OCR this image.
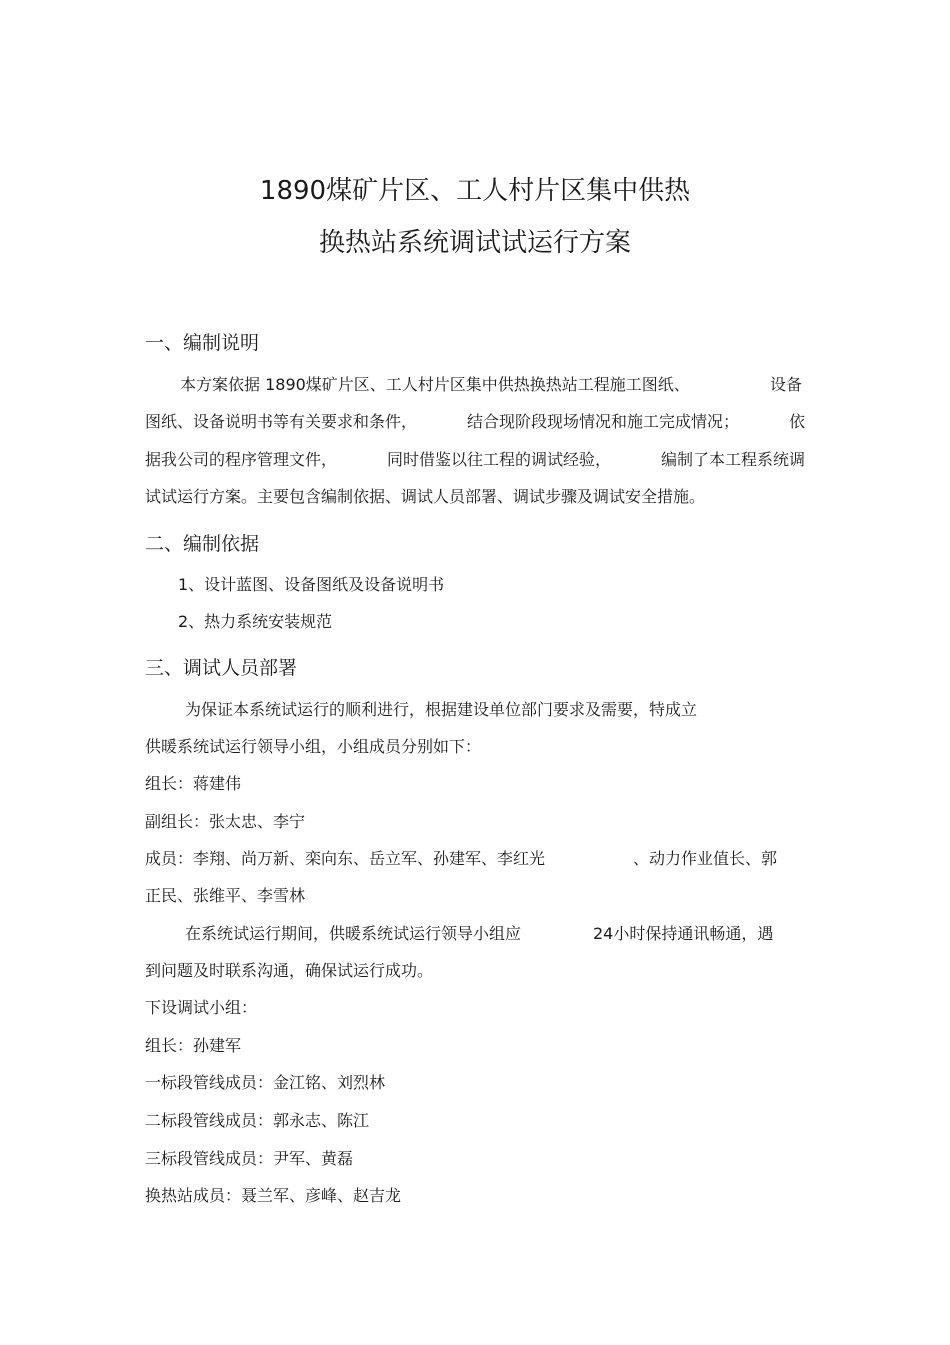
1890煤矿片区、工人村片区集中供热
换热站系统调试试运行方案
一、编制说明
本方案依据 1890煤矿片区、工人村片区集中供热换热站工程施工图纸、	设备
图纸、设备说明书等有关要求和条件，	结合现阶段现场情况和施工完成情况；	依
据我公司的程序管理文件，	同时借鉴以往工程的调试经验，	编制了本工程系统调
试试运行方案。主要包含编制依据、调试人员部署、调试步骤及调试安全措施。
二、编制依据
1、设计蓝图、设备图纸及设备说明书
2、热力系统安装规范
三、调试人员部署
为保证本系统试运行的顺利进行，根据建设单位部门要求及需要，特成立
供暖系统试运行领导小组，小组成员分别如下：
组长：蒋建伟
副组长：张太忠、李宁
成员：李翔、尚万新、栾向东、岳立军、孙建军、李红光	、动力作业值长、郭
正民、张维平、李雪林
在系统试运行期间，供暖系统试运行领导小组应	24小时保持通讯畅通，遇
到问题及时联系沟通，确保试运行成功。
下设调试小组：
组长：孙建军
一标段管线成员：金江铭、刘烈林
二标段管线成员：郭永志、陈江
三标段管线成员：尹军、黄磊
换热站成员：聂兰军、彦峰、赵吉龙
